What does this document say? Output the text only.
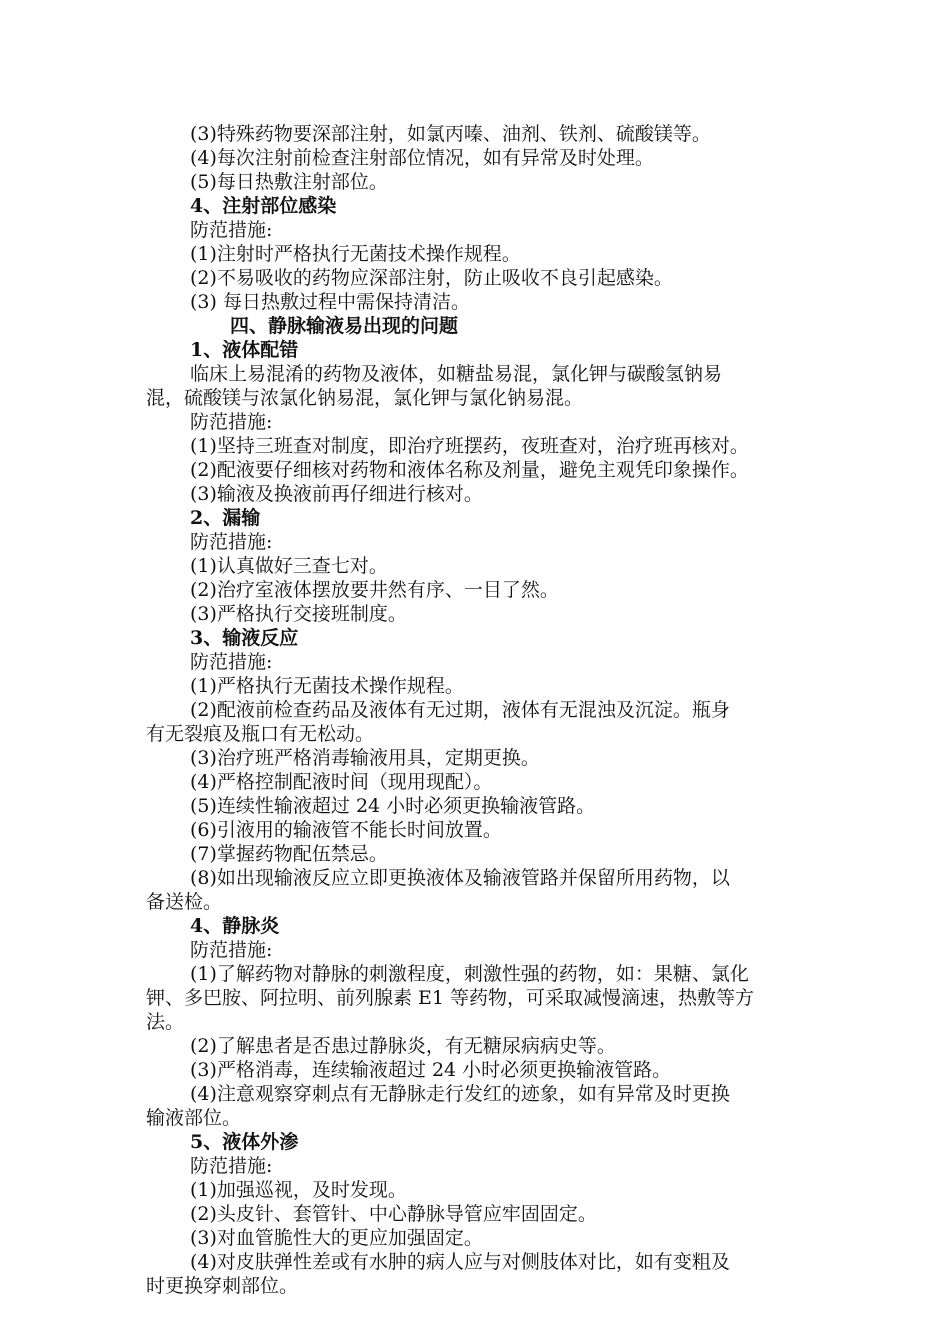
(3)特殊药物要深部注射，如氯丙嗪、油剂、铁剂、硫酸镁等。
(4)每次注射前检查注射部位情况，如有异常及时处理。
(5)每日热敷注射部位。
4、注射部位感染
防范措施:
(1)注射时严格执行无菌技术操作规程。
(2)不易吸收的药物应深部注射，防止吸收不良引起感染。
(3) 每日热敷过程中需保持清洁。
四、静脉输液易出现的问题
1、液体配错
临床上易混淆的药物及液体，如糖盐易混，氯化钾与碳酸氢钠易
混，硫酸镁与浓氯化钠易混，氯化钾与氯化钠易混。
防范措施:
(1)坚持三班查对制度，即治疗班摆药，夜班查对，治疗班再核对。
(2)配液要仔细核对药物和液体名称及剂量，避免主观凭印象操作。
(3)输液及换液前再仔细进行核对。
2、漏输
防范措施:
(1)认真做好三查七对。
(2)治疗室液体摆放要井然有序、一目了然。
(3)严格执行交接班制度。
3、输液反应
防范措施:
(1)严格执行无菌技术操作规程。
(2)配液前检查药品及液体有无过期，液体有无混浊及沉淀。瓶身
有无裂痕及瓶口有无松动。
(3)治疗班严格消毒输液用具，定期更换。
(4)严格控制配液时间（现用现配）。
(5)连续性输液超过 24 小时必须更换输液管路。
(6)引液用的输液管不能长时间放置。
(7)掌握药物配伍禁忌。
(8)如出现输液反应立即更换液体及输液管路并保留所用药物，以
备送检。
4、静脉炎
防范措施:
(1)了解药物对静脉的刺激程度，刺激性强的药物，如：果糖、氯化
钾、多巴胺、阿拉明、前列腺素 E1 等药物，可采取减慢滴速，热敷等方
法。
(2)了解患者是否患过静脉炎，有无糖尿病病史等。
(3)严格消毒，连续输液超过 24 小时必须更换输液管路。
(4)注意观察穿刺点有无静脉走行发红的迹象，如有异常及时更换
输液部位。
5、液体外渗
防范措施:
(1)加强巡视，及时发现。
(2)头皮针、套管针、中心静脉导管应牢固固定。
(3)对血管脆性大的更应加强固定。
(4)对皮肤弹性差或有水肿的病人应与对侧肢体对比，如有变粗及
时更换穿刺部位。
